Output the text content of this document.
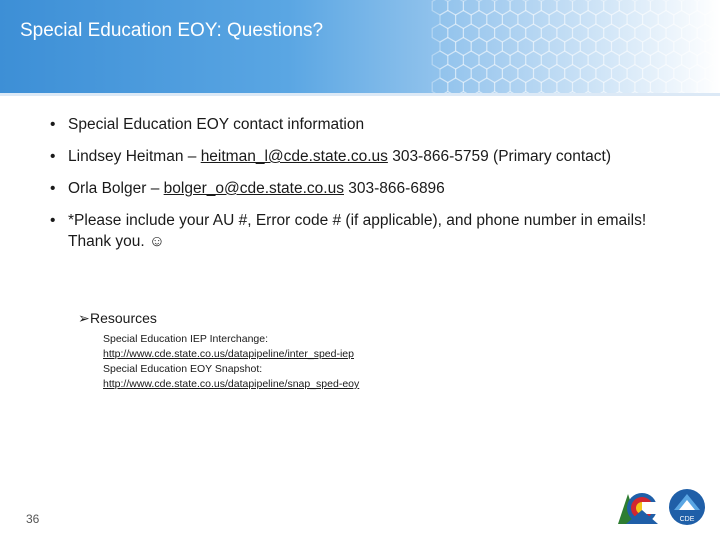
Special Education EOY: Questions?
• Special Education EOY contact information
• Lindsey Heitman – heitman_l@cde.state.co.us 303-866-5759 (Primary contact)
• Orla Bolger – bolger_o@cde.state.co.us 303-866-6896
• *Please include your AU #, Error code # (if applicable), and phone number in emails! Thank you. ☺
➢Resources
Special Education IEP Interchange:
http://www.cde.state.co.us/datapipeline/inter_sped-iep
Special Education EOY Snapshot:
http://www.cde.state.co.us/datapipeline/snap_sped-eoy
36	CDE
